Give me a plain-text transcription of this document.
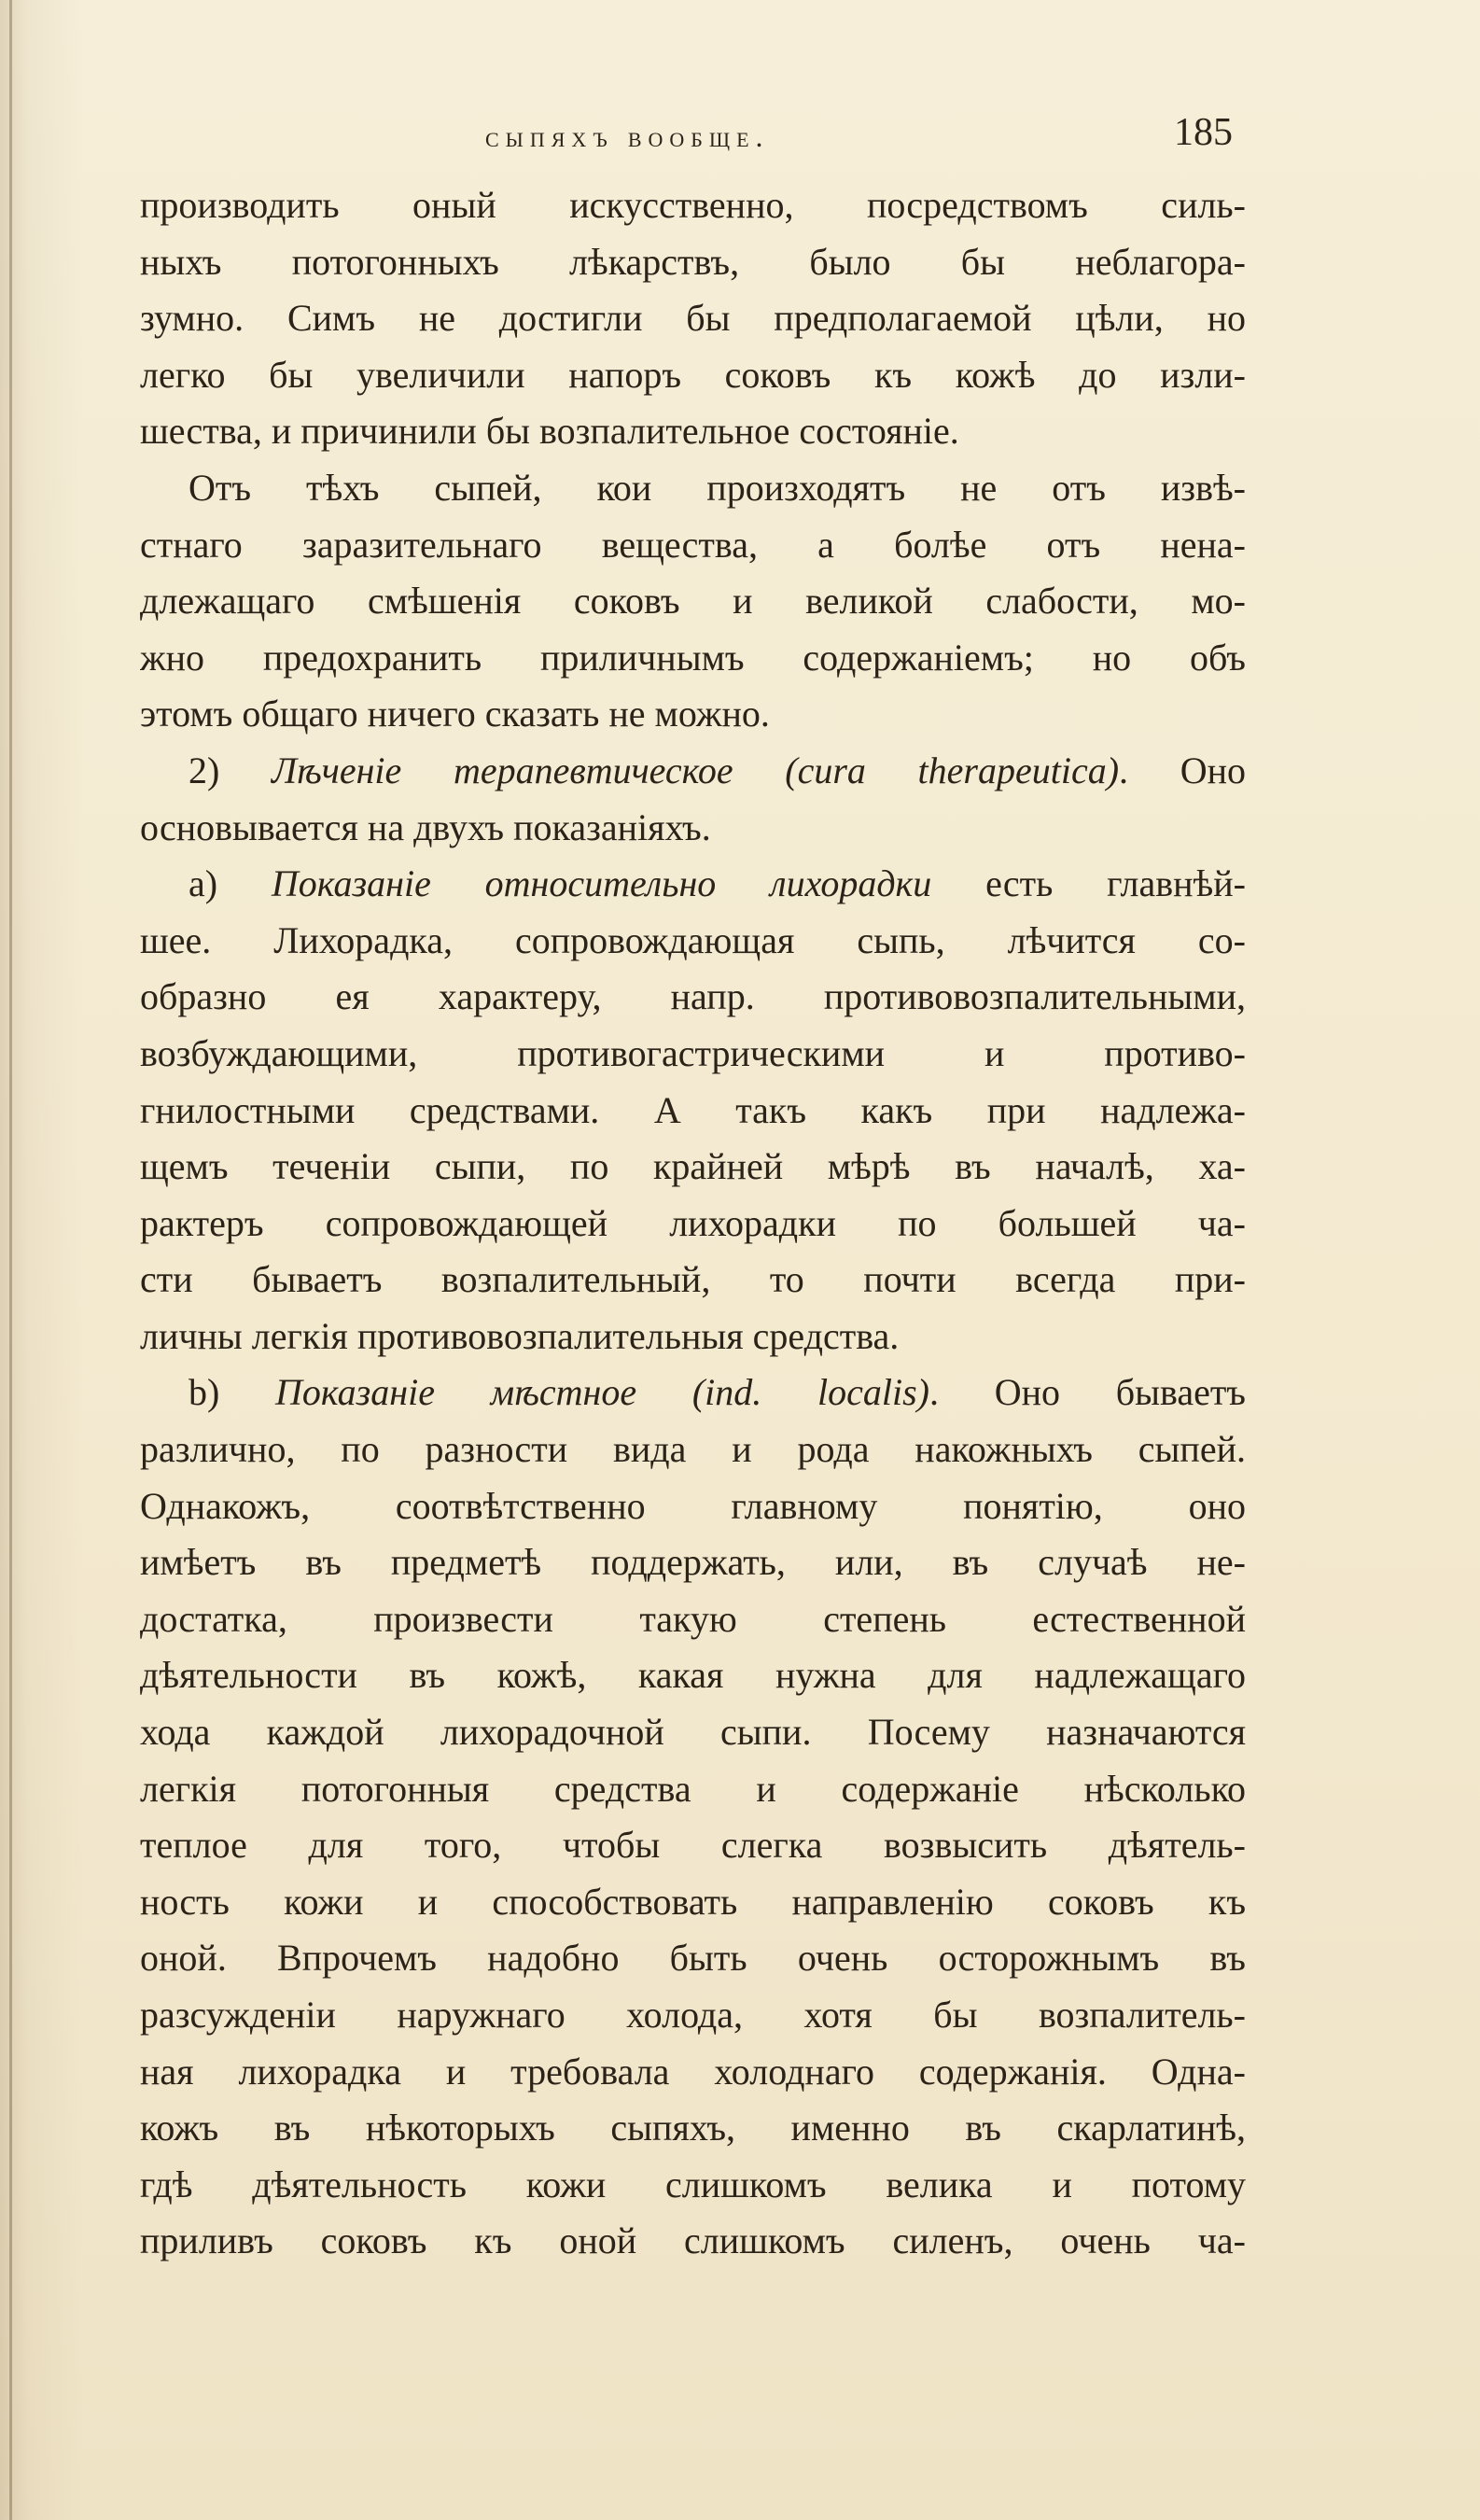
сыпяхъ вообще.	185
производить оный искусственно, посредствомъ силь-
ныхъ потогонныхъ лѣкарствъ, было бы неблагора-
зумно. Симъ не достигли бы предполагаемой цѣли, но
легко бы увеличили напоръ соковъ къ кожѣ до изли-
шества, и причинили бы возпалительное состояніе.
Отъ тѣхъ сыпей, кои произходятъ не отъ извѣ-
стнаго заразительнаго вещества, а болѣе отъ нена-
длежащаго смѣшенія соковъ и великой слабости, мо-
жно предохранить приличнымъ содержаніемъ; но объ
этомъ общаго ничего сказать не можно.
2) Лѣченіе терапевтическое (cura therapeutica). Оно
основывается на двухъ показаніяхъ.
а) Показаніе относительно лихорадки есть главнѣй-
шее. Лихорадка, сопровождающая сыпь, лѣчится со-
образно ея характеру, напр. противовозпалительными,
возбуждающими, противогастрическими и противо-
гнилостными средствами. А такъ какъ при надлежа-
щемъ теченіи сыпи, по крайней мѣрѣ въ началѣ, ха-
рактеръ сопровождающей лихорадки по большей ча-
сти бываетъ возпалительный, то почти всегда при-
личны легкія противовозпалительныя средства.
b) Показаніе мѣстное (ind. localis). Оно бываетъ
различно, по разности вида и рода накожныхъ сыпей.
Однакожъ, соотвѣтственно главному понятію, оно
имѣетъ въ предметѣ поддержать, или, въ случаѣ не-
достатка, произвести такую степень естественной
дѣятельности въ кожѣ, какая нужна для надлежащаго
хода каждой лихорадочной сыпи. Посему назначаются
легкія потогонныя средства и содержаніе нѣсколько
теплое для того, чтобы слегка возвысить дѣятель-
ность кожи и способствовать направленію соковъ къ
оной. Впрочемъ надобно быть очень осторожнымъ въ
разсужденіи наружнаго холода, хотя бы возпалитель-
ная лихорадка и требовала холоднаго содержанія. Одна-
кожъ въ нѣкоторыхъ сыпяхъ, именно въ скарлатинѣ,
гдѣ дѣятельность кожи слишкомъ велика и потому
приливъ соковъ къ оной слишкомъ силенъ, очень ча-
